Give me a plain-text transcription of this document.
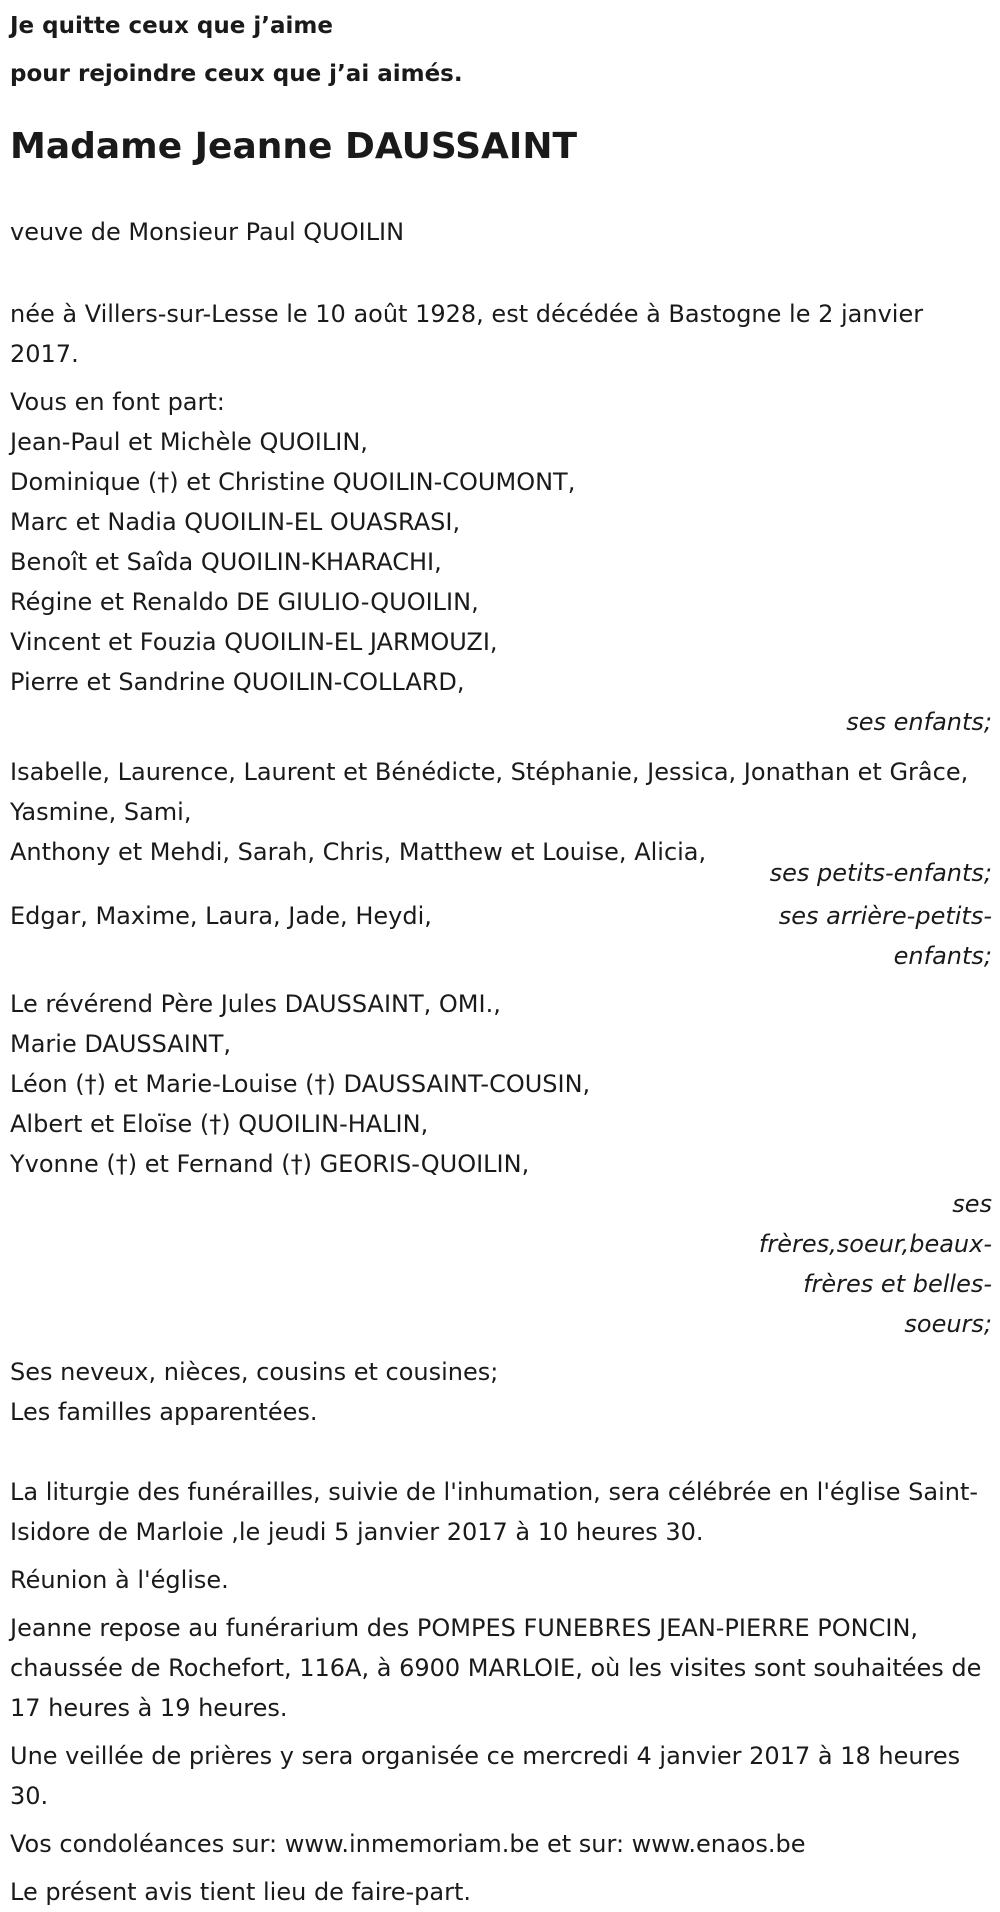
Je quitte ceux que j’aime

pour rejoindre ceux que j’ai aimés.

Madame Jeanne DAUSSAINT

veuve de Monsieur Paul QUOILIN

née à Villers-sur-Lesse le 10 août 1928, est décédée à Bastogne le 2 janvier 2017.

Vous en font part:

Jean-Paul et Michèle QUOILIN,
Dominique (†) et Christine QUOILIN-COUMONT,
Marc et Nadia QUOILIN-EL OUASRASI,
Benoît et Saîda QUOILIN-KHARACHI,
Régine et Renaldo DE GIULIO-QUOILIN,
Vincent et Fouzia QUOILIN-EL JARMOUZI,
Pierre et Sandrine QUOILIN-COLLARD,

ses enfants;

Isabelle, Laurence, Laurent et Bénédicte, Stéphanie, Jessica, Jonathan et Grâce, Yasmine, Sami,

Anthony et Mehdi, Sarah, Chris, Matthew et Louise, Alicia,

ses petits-enfants;

Edgar, Maxime, Laura, Jade, Heydi,	ses arrière-petits-enfants;

Le révérend Père Jules DAUSSAINT, OMI.,
Marie DAUSSAINT,
Léon (†) et Marie-Louise (†) DAUSSAINT-COUSIN,
Albert et Eloïse (†) QUOILIN-HALIN,
Yvonne (†) et Fernand (†) GEORIS-QUOILIN,

ses frères,soeur,beaux-frères et belles-soeurs;

Ses neveux, nièces, cousins et cousines;

Les familles apparentées.

La liturgie des funérailles, suivie de l'inhumation, sera célébrée en l'église Saint-Isidore de Marloie ,le jeudi 5 janvier 2017 à 10 heures 30.

Réunion à l'église.

Jeanne repose au funérarium des POMPES FUNEBRES JEAN-PIERRE PONCIN, chaussée de Rochefort, 116A, à 6900 MARLOIE, où les visites sont souhaitées de 17 heures à 19 heures.

Une veillée de prières y sera organisée ce mercredi 4 janvier 2017 à 18 heures 30.

Vos condoléances sur: www.inmemoriam.be et sur: www.enaos.be

Le présent avis tient lieu de faire-part.
